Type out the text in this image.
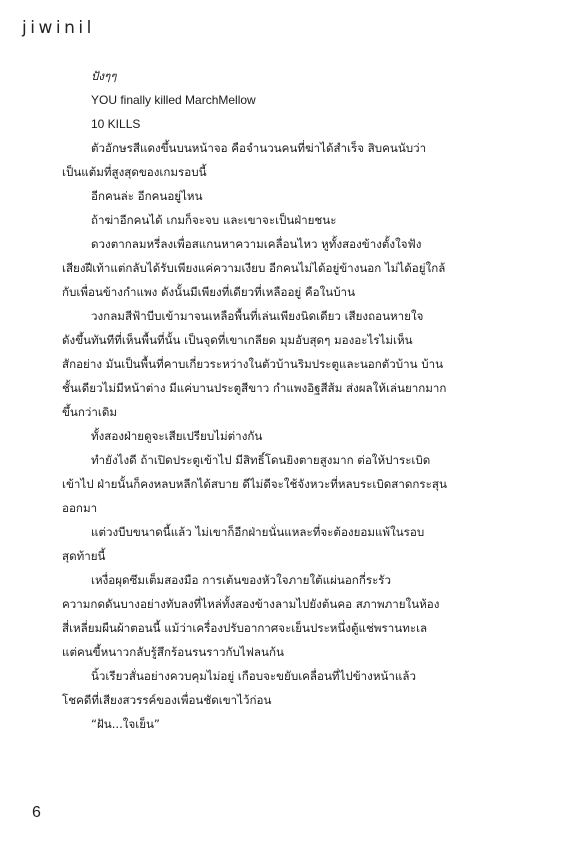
jiwinil

ปังๆๆ

YOU finally killed MarchMellow

10 KILLS

ตัวอักษรสีแดงขึ้นบนหน้าจอ คือจำนวนคนที่ฆ่าได้สำเร็จ สิบคนนับว่า

เป็นแต้มที่สูงสุดของเกมรอบนี้

อีกคนล่ะ อีกคนอยู่ไหน

ถ้าฆ่าอีกคนได้ เกมก็จะจบ และเขาจะเป็นฝ่ายชนะ

ดวงตากลมหรี่ลงเพื่อสแกนหาความเคลื่อนไหว หูทั้งสองข้างตั้งใจฟัง

เสียงฝีเท้าแต่กลับได้รับเพียงแค่ความเงียบ อีกคนไม่ได้อยู่ข้างนอก ไม่ได้อยู่ใกล้

กับเพื่อนข้างกำแพง ดังนั้นมีเพียงที่เดียวที่เหลืออยู่ คือในบ้าน

วงกลมสีฟ้าบีบเข้ามาจนเหลือพื้นที่เล่นเพียงนิดเดียว เสียงถอนหายใจ

ดังขึ้นทันทีที่เห็นพื้นที่นั้น เป็นจุดที่เขาเกลียด มุมอับสุดๆ มองอะไรไม่เห็น

สักอย่าง มันเป็นพื้นที่คาบเกี่ยวระหว่างในตัวบ้านริมประตูและนอกตัวบ้าน บ้าน

ชั้นเดียวไม่มีหน้าต่าง มีแค่บานประตูสีขาว กำแพงอิฐสีส้ม ส่งผลให้เล่นยากมาก

ขึ้นกว่าเดิม

ทั้งสองฝ่ายดูจะเสียเปรียบไม่ต่างกัน

ทำยังไงดี ถ้าเปิดประตูเข้าไป มีสิทธิ์โดนยิงตายสูงมาก ต่อให้ปาระเบิด

เข้าไป ฝ่ายนั้นก็คงหลบหลีกได้สบาย ดีไม่ดีจะใช้จังหวะที่หลบระเบิดสาดกระสุน

ออกมา

แต่วงบีบขนาดนี้แล้ว ไม่เขาก็อีกฝ่ายนั่นแหละที่จะต้องยอมแพ้ในรอบ

สุดท้ายนี้

เหงื่อผุดซึมเต็มสองมือ การเต้นของหัวใจภายใต้แผ่นอกกี่ระรัว

ความกดดันบางอย่างทับลงที่ไหล่ทั้งสองข้างลามไปยังต้นคอ สภาพภายในห้อง

สี่เหลี่ยมผืนผ้าตอนนี้ แม้ว่าเครื่องปรับอากาศจะเย็นประหนึ่งตู้แช่พรานทะเล

แต่คนขี้หนาวกลับรู้สึกร้อนรนราวกับไฟลนก้น

นิ้วเรียวสั่นอย่างควบคุมไม่อยู่ เกือบจะขยับเคลื่อนที่ไปข้างหน้าแล้ว

โชคดีที่เสียงสวรรค์ของเพื่อนชัดเขาไว้ก่อน

“ฝัน...ใจเย็น”

6
